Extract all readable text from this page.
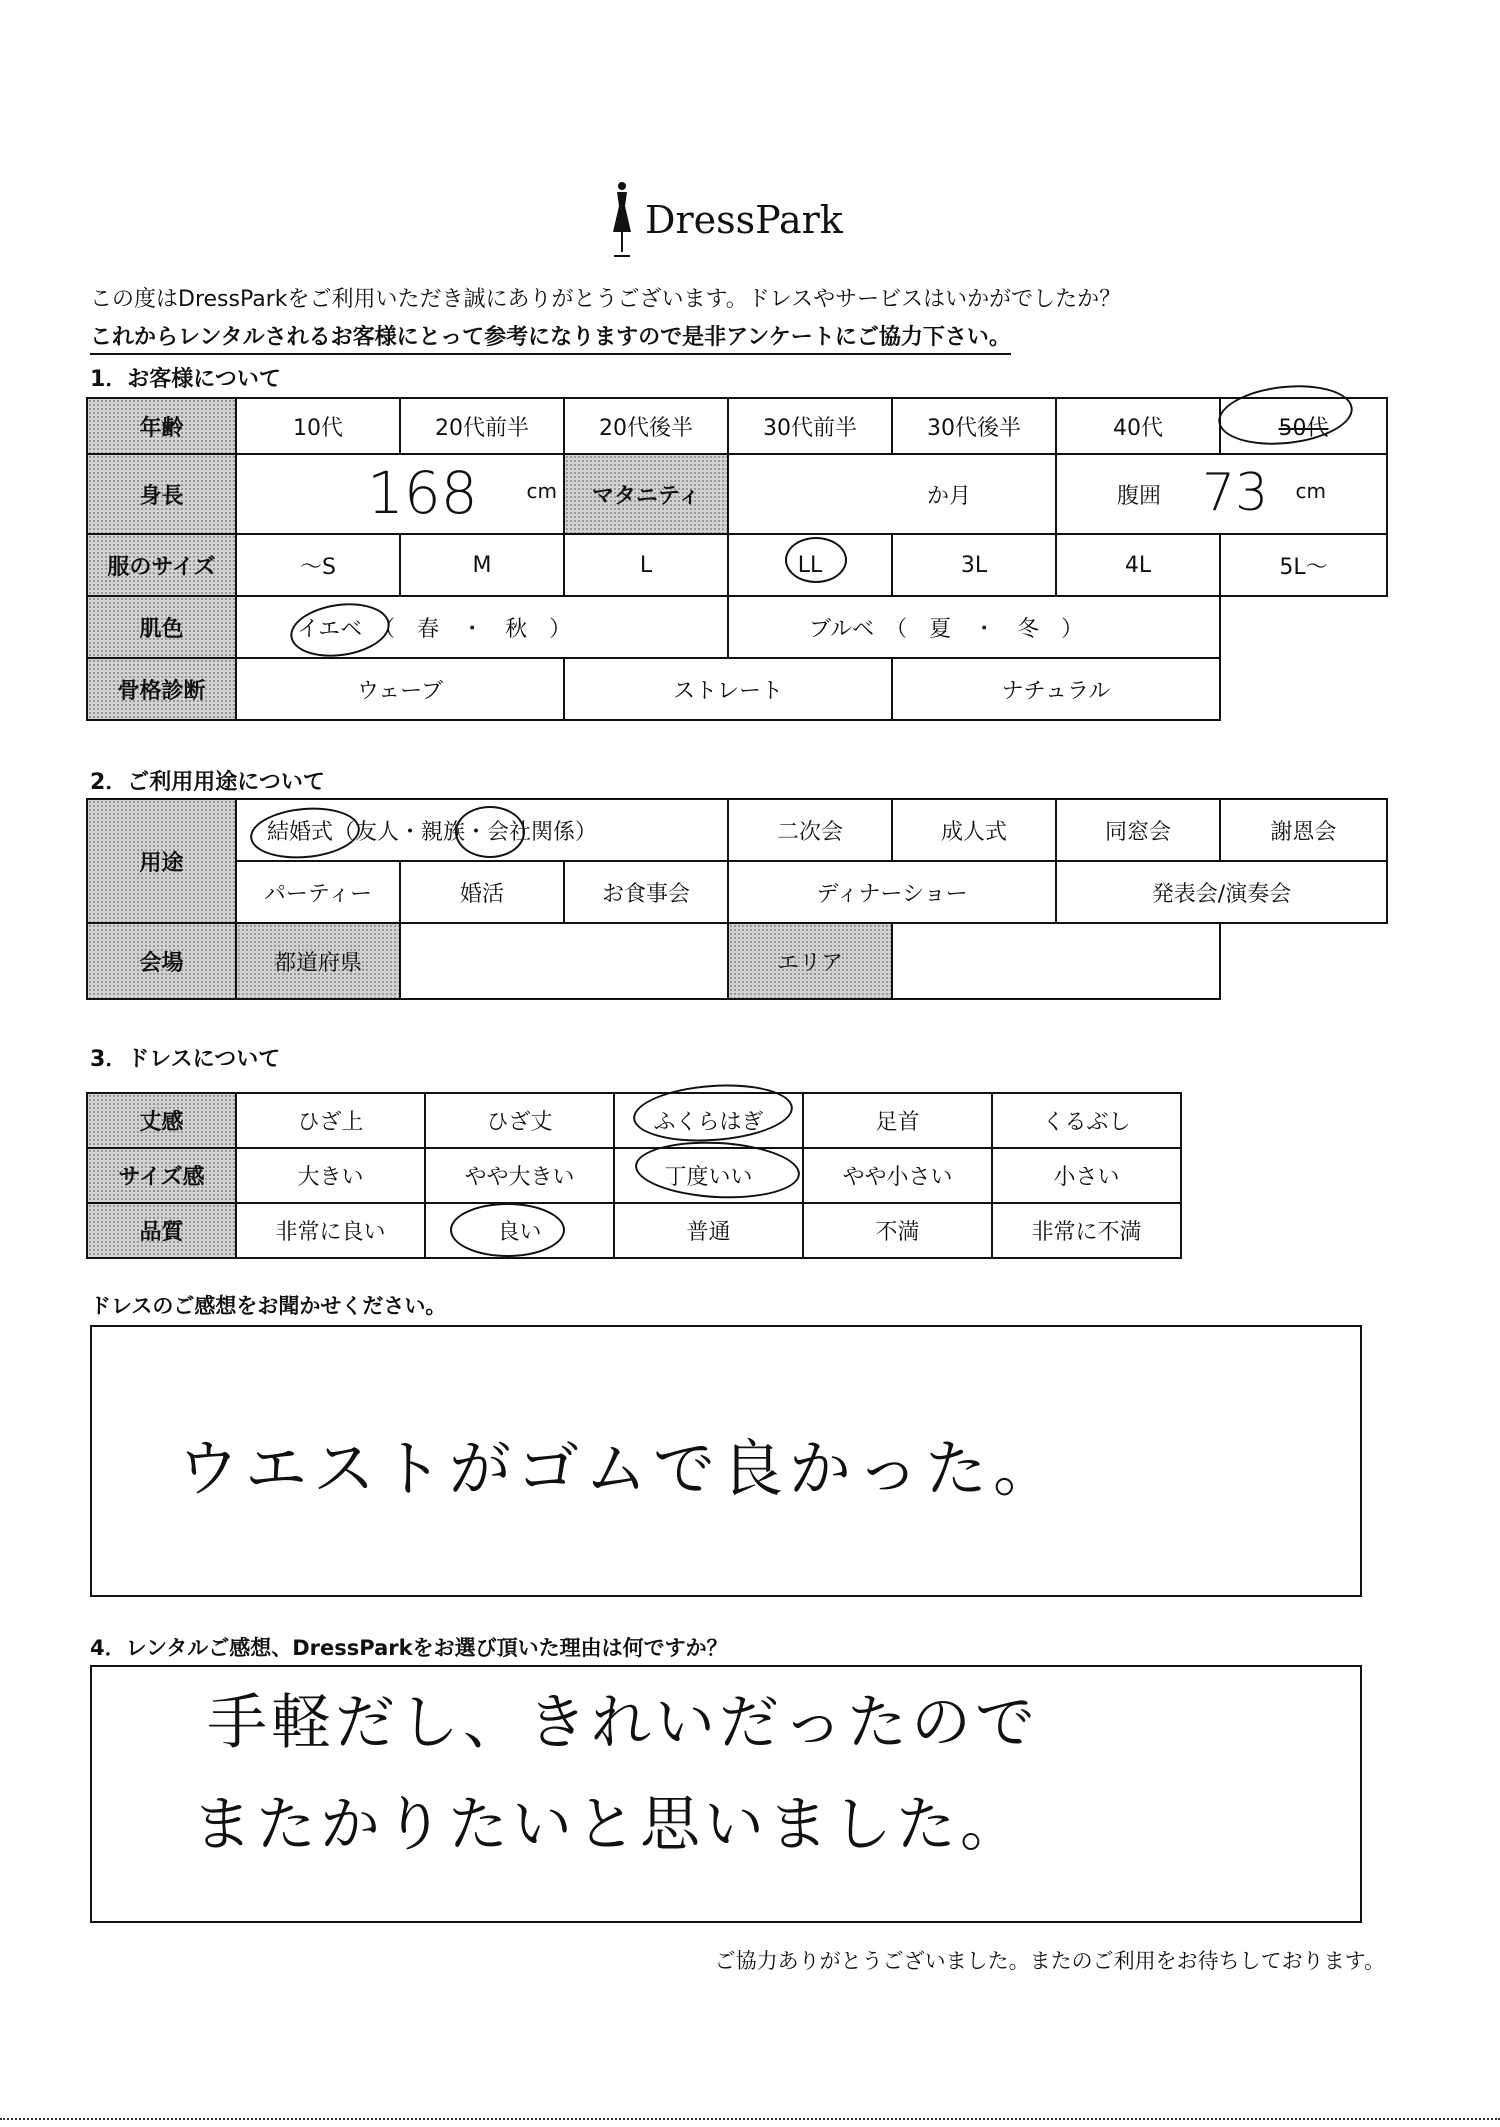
DressPark
この度はDressParkをご利用いただき誠にありがとうございます。ドレスやサービスはいかがでしたか？
これからレンタルされるお客様にとって参考になりますので是非アンケートにご協力下さい。
1．お客様について
年齢	10代	20代前半	20代後半	30代前半	30代後半	40代	50代
身長	168 cm		マタニティ	か月		腹囲 73 cm	

服のサイズ	～S	M	L	LL	3L	4L	5L～
肌色	イエベ　（　春　・　秋　）			ブルベ　（　夏　・　冬　）			
骨格診断	ウェーブ		ストレート		ナチュラル		
2．ご利用用途について
用途	結婚式（友人・親族・会社関係）			二次会	成人式	同窓会	謝恩会
	パーティー	婚活	お食事会	ディナーショー		発表会/演奏会	
会場	都道府県			エリア			
3．ドレスについて
丈感	ひざ上	ひざ丈	ふくらはぎ	足首	くるぶし
サイズ感	大きい	やや大きい	丁度いい	やや小さい	小さい
品質	非常に良い	良い	普通	不満	非常に不満
ドレスのご感想をお聞かせください。
ウエストがゴムで良かった。
4．レンタルご感想、DressParkをお選び頂いた理由は何ですか？
手軽だし、きれいだったので
またかりたいと思いました。
ご協力ありがとうございました。またのご利用をお待ちしております。
